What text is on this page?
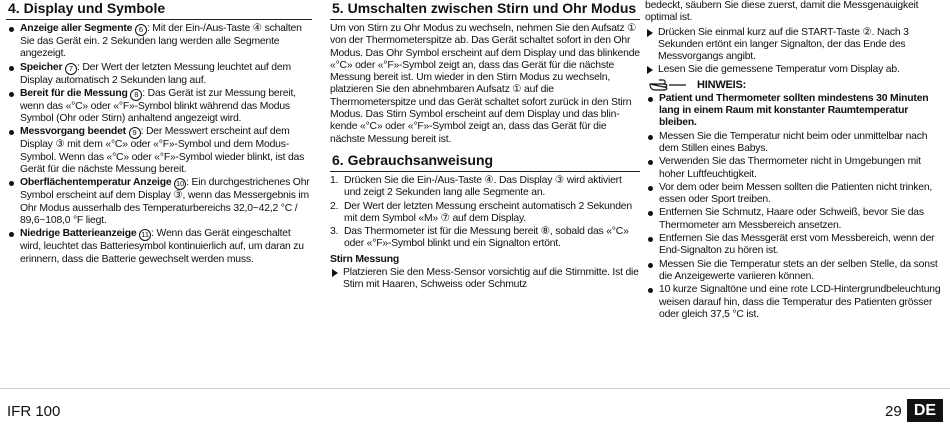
4. Display und Symbole
Anzeige aller Segmente 6 : Mit der Ein-/Aus-Taste ④ schalten Sie das Gerät ein. 2 Sekunden lang werden alle Segmente angezeigt.
Speicher 7 : Der Wert der letzten Messung leuchtet auf dem Display automatisch 2 Sekunden lang auf.
Bereit für die Messung 8 : Das Gerät ist zur Messung bereit, wenn das «°C» oder «°F»-Symbol blinkt während das Modus Symbol (Ohr oder Stirn) anhaltend angezeigt wird.
Messvorgang beendet 9 : Der Messwert erscheint auf dem Display ③ mit dem «°C» oder «°F»-Symbol und dem Modus-Symbol. Wenn das «°C» oder «°F»-Symbol wieder blinkt, ist das Gerät für die nächste Messung bereit.
Oberflächentemperatur Anzeige 10 : Ein durchgestrichenes Ohr Symbol erscheint auf dem Display ③, wenn das Messergebnis im Ohr Modus ausserhalb des Temperaturbereichs 32,0~42,2 °C / 89,6~108,0 °F liegt.
Niedrige Batterieanzeige 11 : Wenn das Gerät eingeschaltet wird, leuchtet das Batteriesymbol kontinuierlich auf, um daran zu erinnern, dass die Batterie gewechselt werden muss.
5. Umschalten zwischen Stirn und Ohr Modus

Um von Stirn zu Ohr Modus zu wechseln, nehmen Sie den Aufsatz ① von der Thermometerspitze ab. Das Gerät schaltet sofort in den Ohr Modus. Das Ohr Symbol erscheint auf dem Display und das blinkende «°C» oder «°F»-Symbol zeigt an, dass das Gerät für die nächste Messung bereit ist. Um wieder in den Stirn Modus zu wechseln, platzieren Sie den abnehmbaren Aufsatz ① auf die Thermometerspitze und das Gerät schaltet sofort zurück in den Stirn Modus. Das Stirn Symbol erscheint auf dem Display und das blinkende «°C» oder «°F»-Symbol zeigt an, dass das Gerät für die nächste Messung bereit ist.

6. Gebrauchsanweisung
1. Drücken Sie die Ein-/Aus-Taste ④. Das Display ③ wird aktiviert und zeigt 2 Sekunden lang alle Segmente an.
2. Der Wert der letzten Messung erscheint automatisch 2 Sekunden mit dem Symbol «M» ⑦ auf dem Display.
3. Das Thermometer ist für die Messung bereit ⑧, sobald das «°C» oder «°F»-Symbol blinkt und ein Signalton ertönt.
Stirn Messung
Platzieren Sie den Mess-Sensor vorsichtig auf die Stirnmitte. Ist die Stirn mit Haaren, Schweiss oder Schmutz

bedeckt, säubern Sie diese zuerst, damit die Messgenauigkeit optimal ist.

Drücken Sie einmal kurz auf die START-Taste ②. Nach 3 Sekunden ertönt ein langer Signalton, der das Ende des Messvorgangs angibt.
Lesen Sie die gemessene Temperatur vom Display ab.
HINWEIS:
Patient und Thermometer sollten mindestens 30 Minuten lang in einem Raum mit konstanter Raumtemperatur bleiben.
Messen Sie die Temperatur nicht beim oder unmittelbar nach dem Stillen eines Babys.
Verwenden Sie das Thermometer nicht in Umgebungen mit hoher Luftfeuchtigkeit.
Vor dem oder beim Messen sollten die Patienten nicht trinken, essen oder Sport treiben.
Entfernen Sie Schmutz, Haare oder Schweiß, bevor Sie das Thermometer am Messbereich ansetzen.
Entfernen Sie das Messgerät erst vom Messbereich, wenn der End-Signalton zu hören ist.
Messen Sie die Temperatur stets an der selben Stelle, da sonst die Anzeigewerte variieren können.
10 kurze Signaltöne und eine rote LCD-Hintergrundbeleuchtung weisen darauf hin, dass die Temperatur des Patienten grösser oder gleich 37,5 °C ist.
IFR 100	29 DE
